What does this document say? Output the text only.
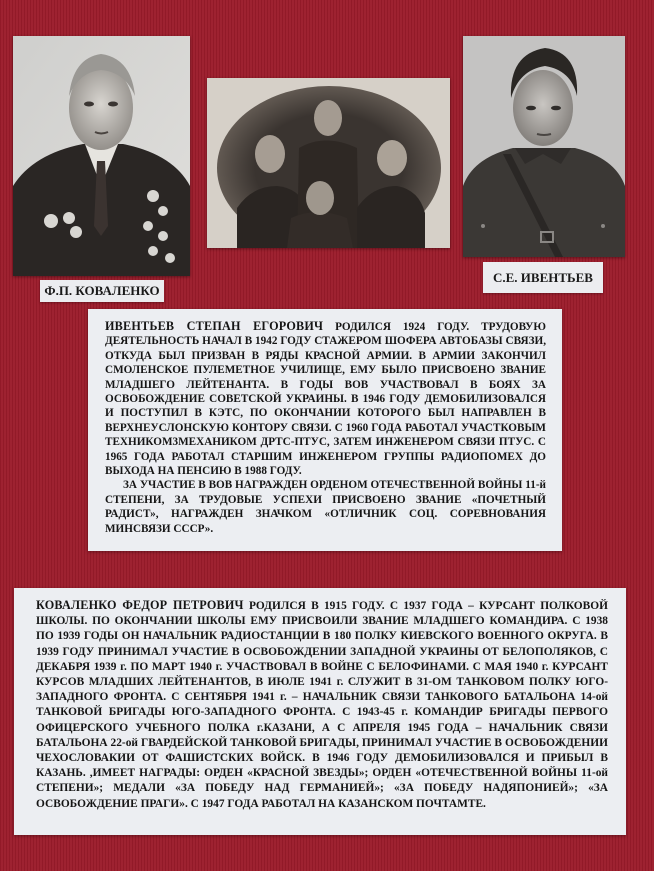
Ф.П. КОВАЛЕНКО
С.Е. ИВЕНТЬЕВ

ИВЕНТЬЕВ СТЕПАН ЕГОРОВИЧ РОДИЛСЯ 1924 ГОДУ. ТРУДОВУЮ ДЕЯТЕЛЬНОСТЬ НАЧАЛ В 1942 ГОДУ СТАЖЕРОМ ШОФЕРА АВТОБАЗЫ СВЯЗИ, ОТКУДА БЫЛ ПРИЗВАН В РЯДЫ КРАСНОЙ АРМИИ. В АРМИИ ЗАКОНЧИЛ СМОЛЕНСКОЕ ПУЛЕМЕТНОЕ УЧИЛИЩЕ, ЕМУ БЫЛО ПРИСВОЕНО ЗВАНИЕ МЛАДШЕГО ЛЕЙТЕНАНТА. В ГОДЫ ВОВ УЧАСТВОВАЛ В БОЯХ ЗА ОСВОБОЖДЕНИЕ СОВЕТСКОЙ УКРАИНЫ. В 1946 ГОДУ ДЕМОБИЛИЗОВАЛСЯ И ПОСТУПИЛ В КЭТС, ПО ОКОНЧАНИИ КОТОРОГО БЫЛ НАПРАВЛЕН В ВЕРХНЕУСЛОНСКУЮ КОНТОРУ СВЯЗИ. С 1960 ГОДА РАБОТАЛ УЧАСТКОВЫМ ТЕХНИКОМ3МЕХАНИКОМ ДРТС-ПТУС, ЗАТЕМ ИНЖЕНЕРОМ СВЯЗИ ПТУС. С 1965 ГОДА РАБОТАЛ СТАРШИМ ИНЖЕНЕРОМ ГРУППЫ РАДИОПОМЕХ ДО ВЫХОДА НА ПЕНСИЮ В 1988 ГОДУ.

ЗА УЧАСТИЕ В ВОВ НАГРАЖДЕН ОРДЕНОМ ОТЕЧЕСТВЕННОЙ ВОЙНЫ 11-й СТЕПЕНИ, ЗА ТРУДОВЫЕ УСПЕХИ ПРИСВОЕНО ЗВАНИЕ «ПОЧЕТНЫЙ РАДИСТ», НАГРАЖДЕН ЗНАЧКОМ «ОТЛИЧНИК СОЦ. СОРЕВНОВАНИЯ МИНСВЯЗИ СССР».

КОВАЛЕНКО ФЕДОР ПЕТРОВИЧ РОДИЛСЯ В 1915 ГОДУ. С 1937 ГОДА – КУРСАНТ ПОЛКОВОЙ ШКОЛЫ. ПО ОКОНЧАНИИ ШКОЛЫ ЕМУ ПРИСВОИЛИ ЗВАНИЕ МЛАДШЕГО КОМАНДИРА. С 1938 ПО 1939 ГОДЫ ОН НАЧАЛЬНИК РАДИОСТАНЦИИ В 180 ПОЛКУ КИЕВСКОГО ВОЕННОГО ОКРУГА. В 1939 ГОДУ ПРИНИМАЛ УЧАСТИЕ В ОСВОБОЖДЕНИИ ЗАПАДНОЙ УКРАИНЫ ОТ БЕЛОПОЛЯКОВ, С ДЕКАБРЯ 1939 г. ПО МАРТ 1940 г. УЧАСТВОВАЛ В ВОЙНЕ С БЕЛОФИНАМИ. С МАЯ 1940 г. КУРСАНТ КУРСОВ МЛАДШИХ ЛЕЙТЕНАНТОВ, В ИЮЛЕ 1941 г. СЛУЖИТ В 31-ОМ ТАНКОВОМ ПОЛКУ ЮГО-ЗАПАДНОГО ФРОНТА. С СЕНТЯБРЯ 1941 г. – НАЧАЛЬНИК СВЯЗИ ТАНКОВОГО БАТАЛЬОНА 14-ой ТАНКОВОЙ БРИГАДЫ ЮГО-ЗАПАДНОГО ФРОНТА. С 1943-45 г. КОМАНДИР БРИГАДЫ ПЕРВОГО ОФИЦЕРСКОГО УЧЕБНОГО ПОЛКА г.КАЗАНИ, А С АПРЕЛЯ 1945 ГОДА – НАЧАЛЬНИК СВЯЗИ БАТАЛЬОНА 22-ой ГВАРДЕЙСКОЙ ТАНКОВОЙ БРИГАДЫ, ПРИНИМАЛ УЧАСТИЕ В ОСВОБОЖДЕНИИ ЧЕХОСЛОВАКИИ ОТ ФАШИСТСКИХ ВОЙСК. В 1946 ГОДУ ДЕМОБИЛИЗОВАЛСЯ И ПРИБЫЛ В КАЗАНЬ. ,ИМЕЕТ НАГРАДЫ: ОРДЕН «КРАСНОЙ ЗВЕЗДЫ»; ОРДЕН «ОТЕЧЕСТВЕННОЙ ВОЙНЫ 11-ой СТЕПЕНИ»; МЕДАЛИ «ЗА ПОБЕДУ НАД ГЕРМАНИЕЙ»; «ЗА ПОБЕДУ НАДЯПОНИЕЙ»; «ЗА ОСВОБОЖДЕНИЕ ПРАГИ». С 1947 ГОДА РАБОТАЛ НА КАЗАНСКОМ ПОЧТАМТЕ.
